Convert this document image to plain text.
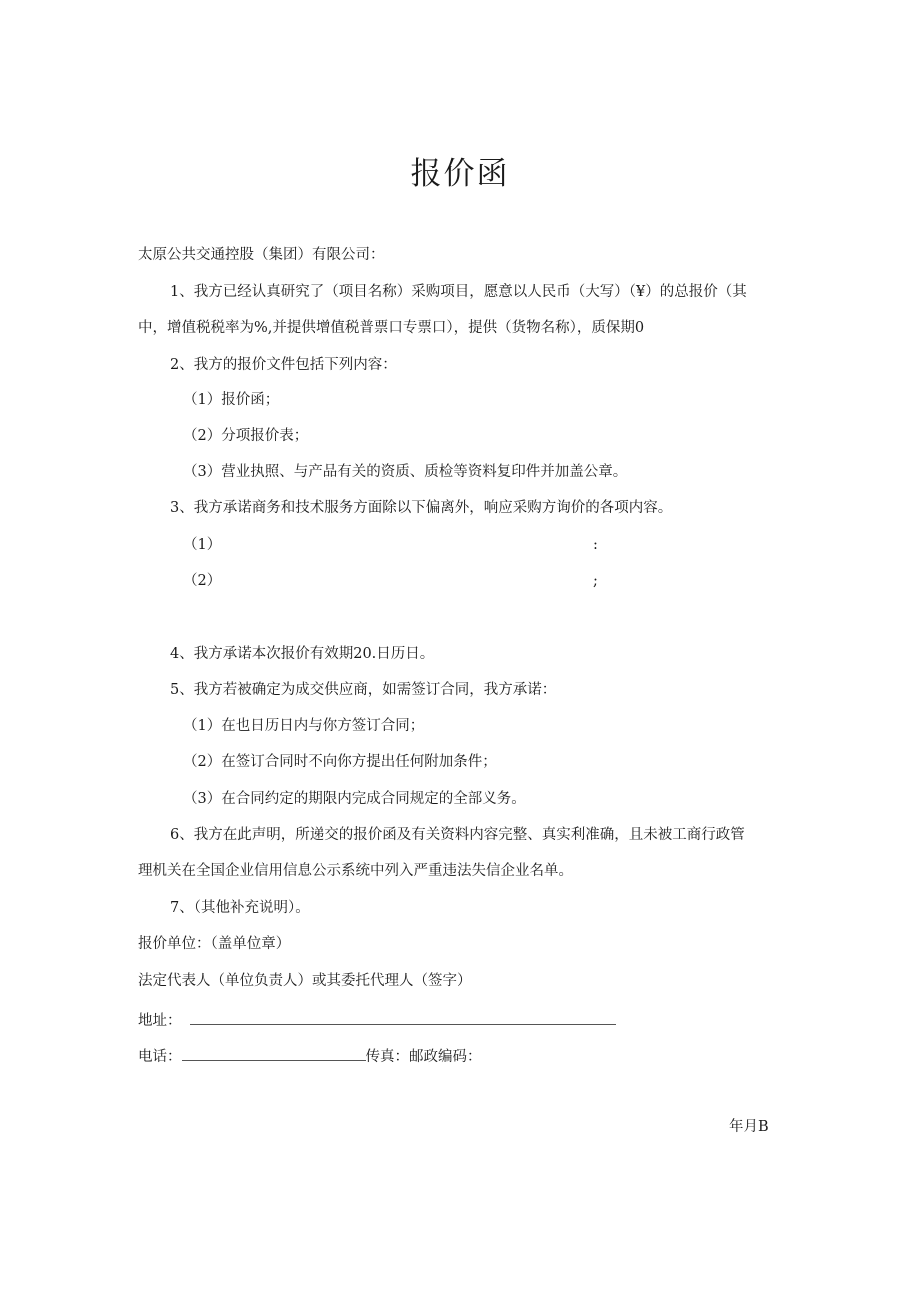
报价函

太原公共交通控股（集团）有限公司：

1、我方已经认真研究了（项目名称）采购项目，愿意以人民币（大写）（¥）的总报价（其

中，增值税税率为%,并提供增值税普票口专票口），提供（货物名称），质保期0

2、我方的报价文件包括下列内容：

（1）报价函；

（2）分项报价表；

（3）营业执照、与产品有关的资质、质检等资料复印件并加盖公章。

3、我方承诺商务和技术服务方面除以下偏离外，响应采购方询价的各项内容。

（1）	:

（2）	;

4、我方承诺本次报价有效期20.日历日。

5、我方若被确定为成交供应商，如需签订合同，我方承诺：

（1）在也日历日内与你方签订合同；

（2）在签订合同时不向你方提出任何附加条件；

（3）在合同约定的期限内完成合同规定的全部义务。

6、我方在此声明，所递交的报价函及有关资料内容完整、真实利准确，且未被工商行政管

理机关在全国企业信用信息公示系统中列入严重违法失信企业名单。

7、（其他补充说明）。

报价单位：（盖单位章）

法定代表人（单位负责人）或其委托代理人（签字）

地址：

电话：	传真：邮政编码：

年月B
